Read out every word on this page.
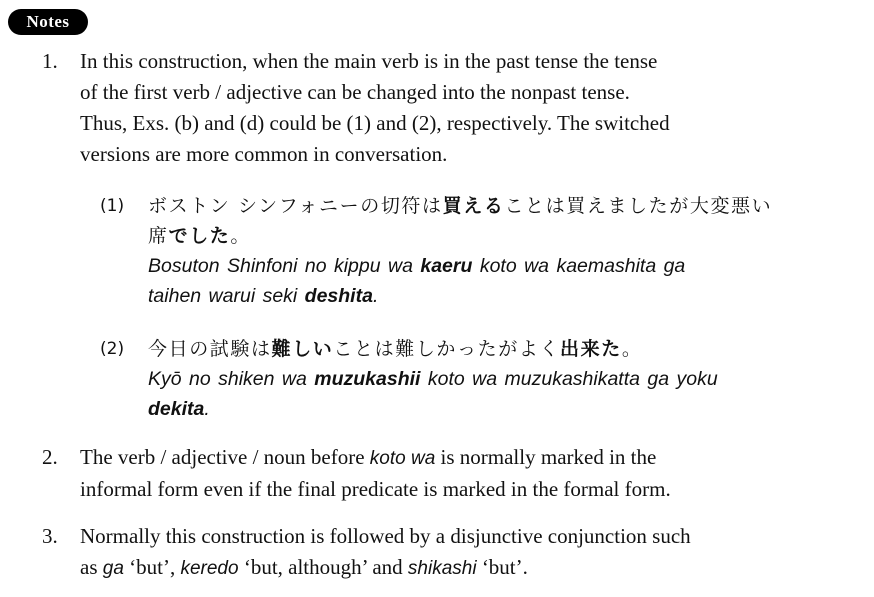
Notes
1. In this construction, when the main verb is in the past tense the tense
of the first verb / adjective can be changed into the nonpast tense.
Thus, Exs. (b) and (d) could be (1) and (2), respectively. The switched
versions are more common in conversation.
(1) ボストン シンフォニーの切符は買えることは買えましたが大変悪い
席でした。
Bosuton Shinfoni no kippu wa kaeru koto wa kaemashita ga
taihen warui seki deshita.
(2) 今日の試験は難しいことは難しかったがよく出来た。
Kyō no shiken wa muzukashii koto wa muzukashikatta ga yoku
dekita.
2. The verb / adjective / noun before koto wa is normally marked in the
informal form even if the final predicate is marked in the formal form.
3. Normally this construction is followed by a disjunctive conjunction such
as ga ‘but’, keredo ‘but, although’ and shikashi ‘but’.
